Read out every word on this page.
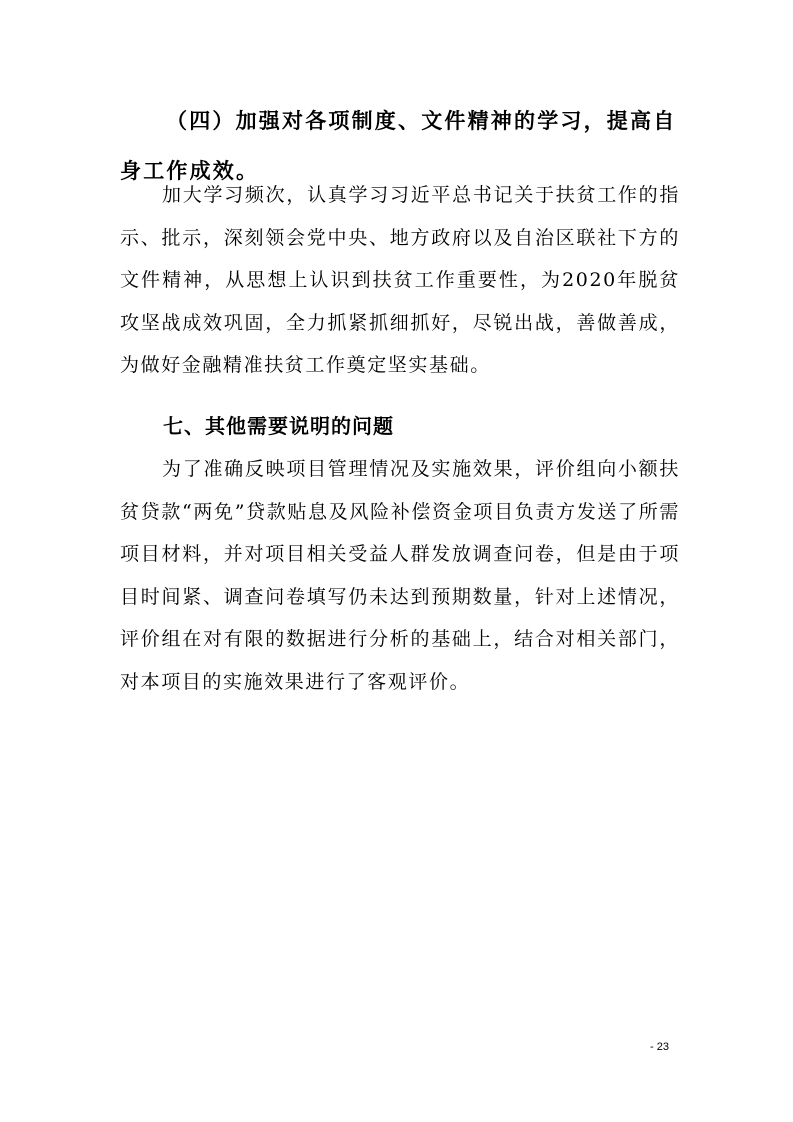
（四）加强对各项制度、文件精神的学习，提高自身工作成效。

加大学习频次，认真学习习近平总书记关于扶贫工作的指示、批示，深刻领会党中央、地方政府以及自治区联社下方的文件精神，从思想上认识到扶贫工作重要性，为2020年脱贫攻坚战成效巩固，全力抓紧抓细抓好，尽锐出战，善做善成，为做好金融精准扶贫工作奠定坚实基础。

七、其他需要说明的问题

为了准确反映项目管理情况及实施效果，评价组向小额扶贫贷款“两免”贷款贴息及风险补偿资金项目负责方发送了所需项目材料，并对项目相关受益人群发放调查问卷，但是由于项目时间紧、调查问卷填写仍未达到预期数量，针对上述情况，评价组在对有限的数据进行分析的基础上，结合对相关部门，对本项目的实施效果进行了客观评价。

- 23
